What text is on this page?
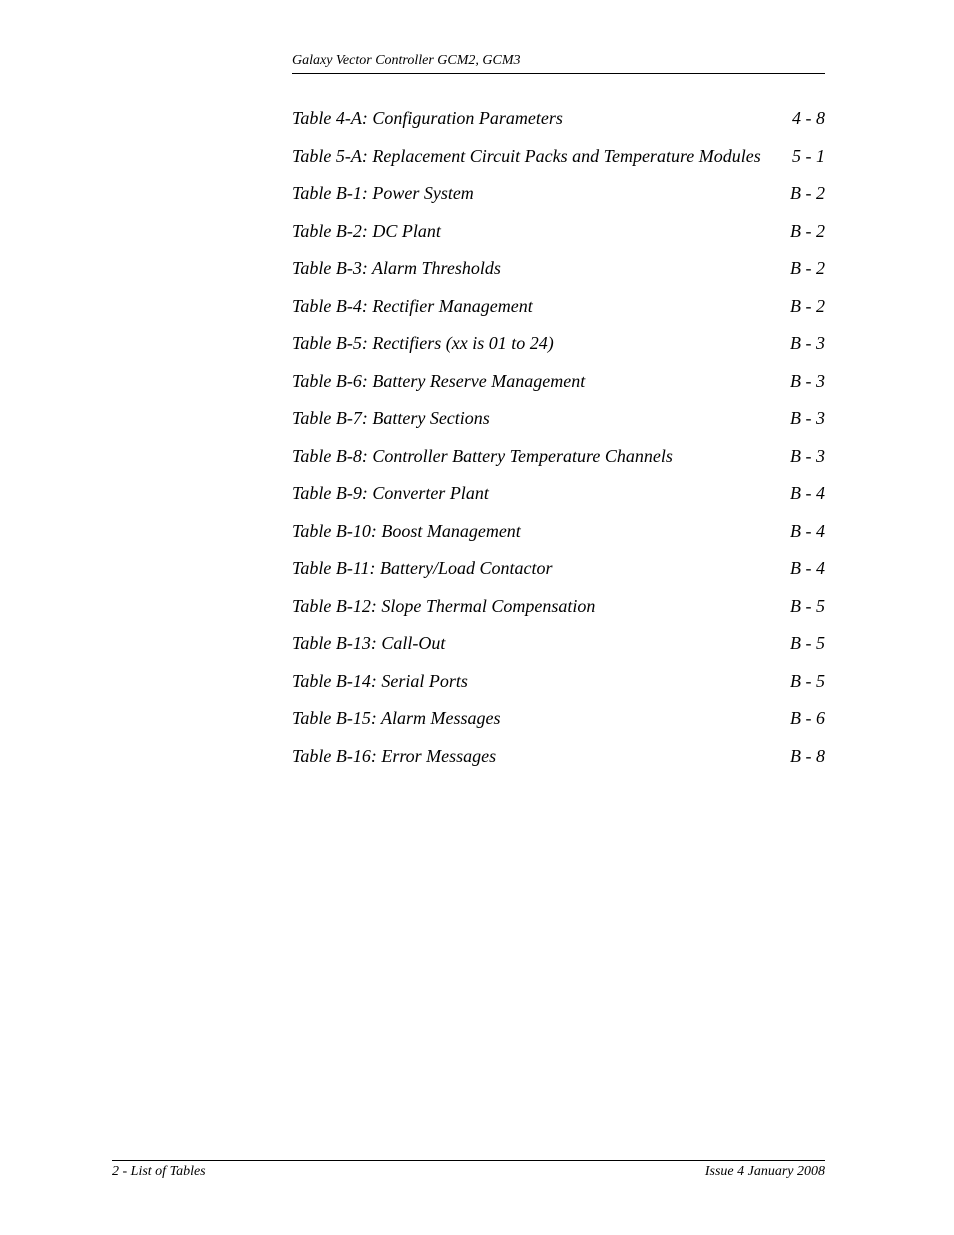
Galaxy Vector Controller GCM2, GCM3
Table 4-A: Configuration Parameters	4 - 8
Table 5-A: Replacement Circuit Packs and Temperature Modules	5 - 1
Table B-1: Power System	B - 2
Table B-2: DC Plant	B - 2
Table B-3: Alarm Thresholds	B - 2
Table B-4: Rectifier Management	B - 2
Table B-5: Rectifiers (xx is 01 to 24)	B - 3
Table B-6: Battery Reserve Management	B - 3
Table B-7: Battery Sections	B - 3
Table B-8: Controller Battery Temperature Channels	B - 3
Table B-9: Converter Plant	B - 4
Table B-10: Boost Management	B - 4
Table B-11: Battery/Load Contactor	B - 4
Table B-12: Slope Thermal Compensation	B - 5
Table B-13: Call-Out	B - 5
Table B-14: Serial Ports	B - 5
Table B-15: Alarm Messages	B - 6
Table B-16: Error Messages	B - 8
2 - List of Tables	Issue 4 January 2008
